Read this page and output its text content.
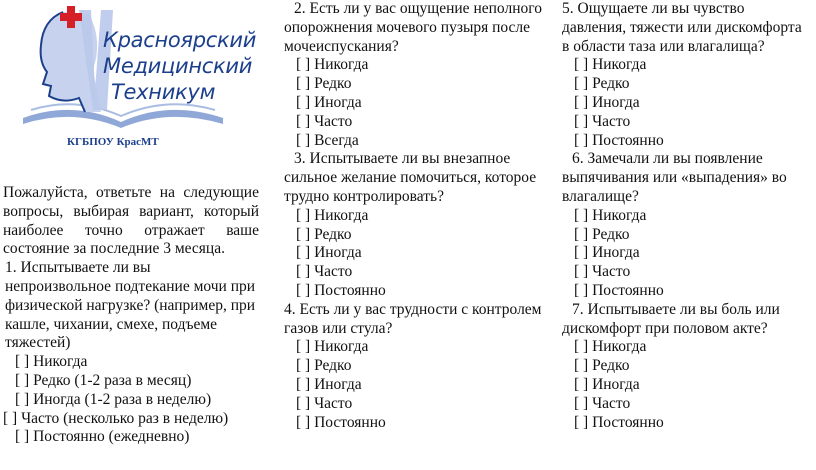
Красноярский
Медицинский
Техникум
КГБПОУ КрасМТ
Пожалуйста, ответьте на следующие вопросы, выбирая вариант, который наиболее точно отражает ваше состояние за последние 3 месяца.
1. Испытываете ли вы непроизвольное подтекание мочи при физической нагрузке? (например, при кашле, чихании, смехе, подъеме тяжестей)
[ ] Никогда
[ ] Редко (1-2 раза в месяц)
[ ] Иногда (1-2 раза в неделю)
[ ] Часто (несколько раз в неделю)
[ ] Постоянно (ежедневно)
2. Есть ли у вас ощущение неполного опорожнения мочевого пузыря после мочеиспускания?
[ ] Никогда
[ ] Редко
[ ] Иногда
[ ] Часто
[ ] Всегда
3. Испытываете ли вы внезапное сильное желание помочиться, которое трудно контролировать?
[ ] Никогда
[ ] Редко
[ ] Иногда
[ ] Часто
[ ] Постоянно
4. Есть ли у вас трудности с контролем газов или стула?
[ ] Никогда
[ ] Редко
[ ] Иногда
[ ] Часто
[ ] Постоянно
5. Ощущаете ли вы чувство давления, тяжести или дискомфорта в области таза или влагалища?
[ ] Никогда
[ ] Редко
[ ] Иногда
[ ] Часто
[ ] Постоянно
6. Замечали ли вы появление выпячивания или «выпадения» во влагалище?
[ ] Никогда
[ ] Редко
[ ] Иногда
[ ] Часто
[ ] Постоянно
7. Испытываете ли вы боль или дискомфорт при половом акте?
[ ] Никогда
[ ] Редко
[ ] Иногда
[ ] Часто
[ ] Постоянно
